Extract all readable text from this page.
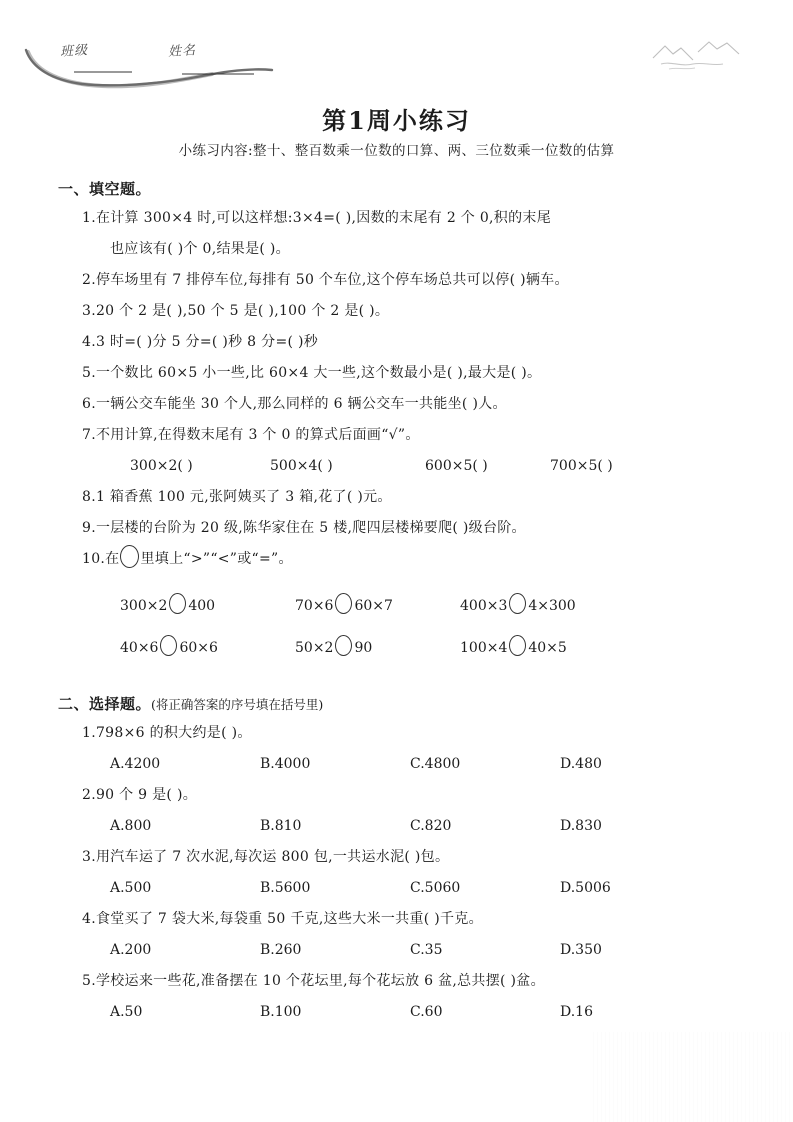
班级	姓名
第1周小练习
小练习内容:整十、整百数乘一位数的口算、两、三位数乘一位数的估算
一、填空题。
1.在计算 300×4 时,可以这样想:3×4=( ),因数的末尾有 2 个 0,积的末尾
也应该有( )个 0,结果是( )。
2.停车场里有 7 排停车位,每排有 50 个车位,这个停车场总共可以停( )辆车。
3.20 个 2 是( ),50 个 5 是( ),100 个 2 是( )。
4.3 时=( )分 5 分=( )秒 8 分=( )秒
5.一个数比 60×5 小一些,比 60×4 大一些,这个数最小是( ),最大是( )。
6.一辆公交车能坐 30 个人,那么同样的 6 辆公交车一共能坐( )人。
7.不用计算,在得数末尾有 3 个 0 的算式后面画“√”。
300×2( )	500×4( )	600×5( )	700×5( )
8.1 箱香蕉 100 元,张阿姨买了 3 箱,花了( )元。
9.一层楼的台阶为 20 级,陈华家住在 5 楼,爬四层楼梯要爬( )级台阶。
10.在 里填上“>”“<”或“=”。
300×2 400	70×6 60×7	400×3 4×300
40×6 60×6	50×2 90	100×4 40×5
二、选择题。(将正确答案的序号填在括号里)
1.798×6 的积大约是( )。
A.4200	B.4000	C.4800	D.480
2.90 个 9 是( )。
A.800	B.810	C.820	D.830
3.用汽车运了 7 次水泥,每次运 800 包,一共运水泥( )包。
A.500	B.5600	C.5060	D.5006
4.食堂买了 7 袋大米,每袋重 50 千克,这些大米一共重( )千克。
A.200	B.260	C.35	D.350
5.学校运来一些花,准备摆在 10 个花坛里,每个花坛放 6 盆,总共摆( )盆。
A.50	B.100	C.60	D.16
